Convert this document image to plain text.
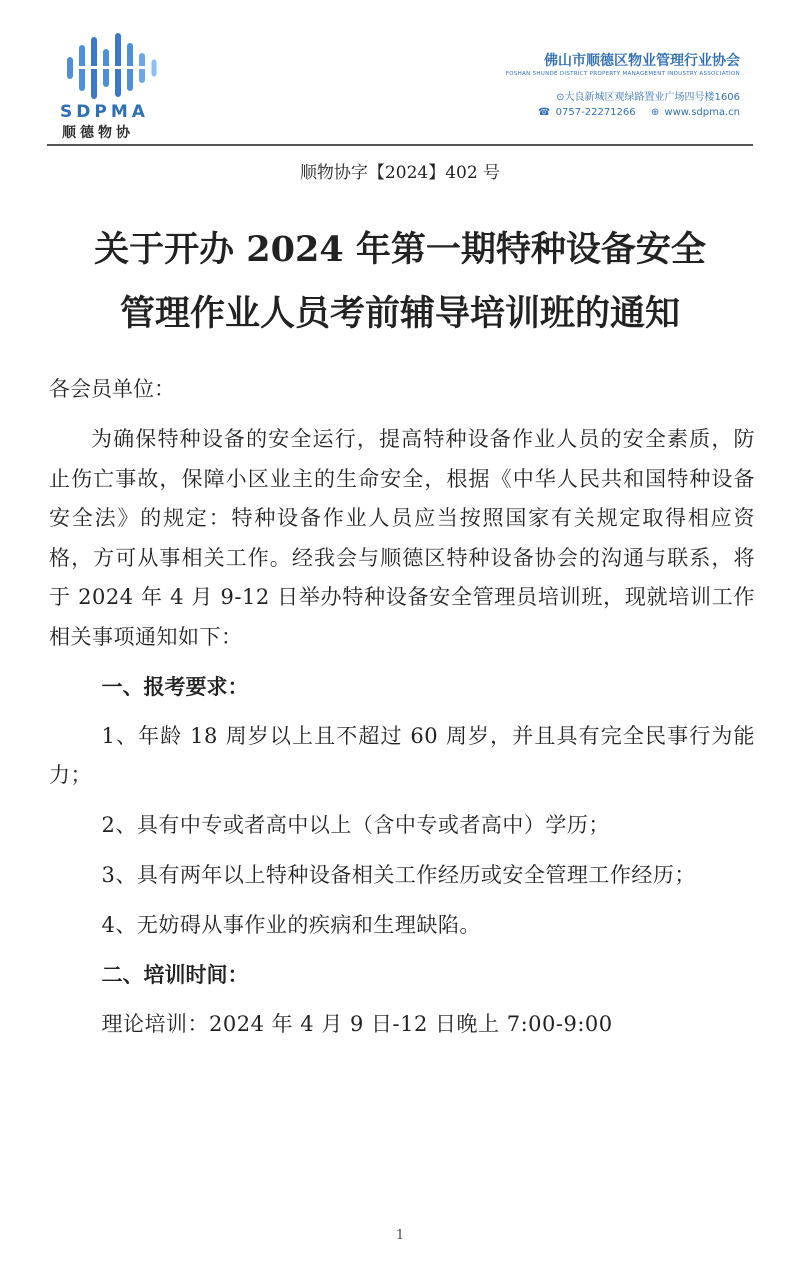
SDPMA
顺德物协
佛山市顺德区物业管理行业协会
FOSHAN SHUNDE DISTRICT PROPERTY MANAGEMENT INDUSTRY ASSOCIATION
⊙大良新城区观绿路置业广场四号楼1606
☎ 0757-22271266 ⊕ www.sdpma.cn
顺物协字【2024】402 号
关于开办 2024 年第一期特种设备安全
管理作业人员考前辅导培训班的通知

各会员单位：

为确保特种设备的安全运行，提高特种设备作业人员的安全素质，防止伤亡事故，保障小区业主的生命安全，根据《中华人民共和国特种设备安全法》的规定：特种设备作业人员应当按照国家有关规定取得相应资格，方可从事相关工作。经我会与顺德区特种设备协会的沟通与联系，将于 2024 年 4 月 9-12 日举办特种设备安全管理员培训班，现就培训工作相关事项通知如下：

一、报考要求：

1、年龄 18 周岁以上且不超过 60 周岁，并且具有完全民事行为能力；

2、具有中专或者高中以上（含中专或者高中）学历；

3、具有两年以上特种设备相关工作经历或安全管理工作经历；

4、无妨碍从事作业的疾病和生理缺陷。

二、培训时间：

理论培训：2024 年 4 月 9 日-12 日晚上 7:00-9:00

1
